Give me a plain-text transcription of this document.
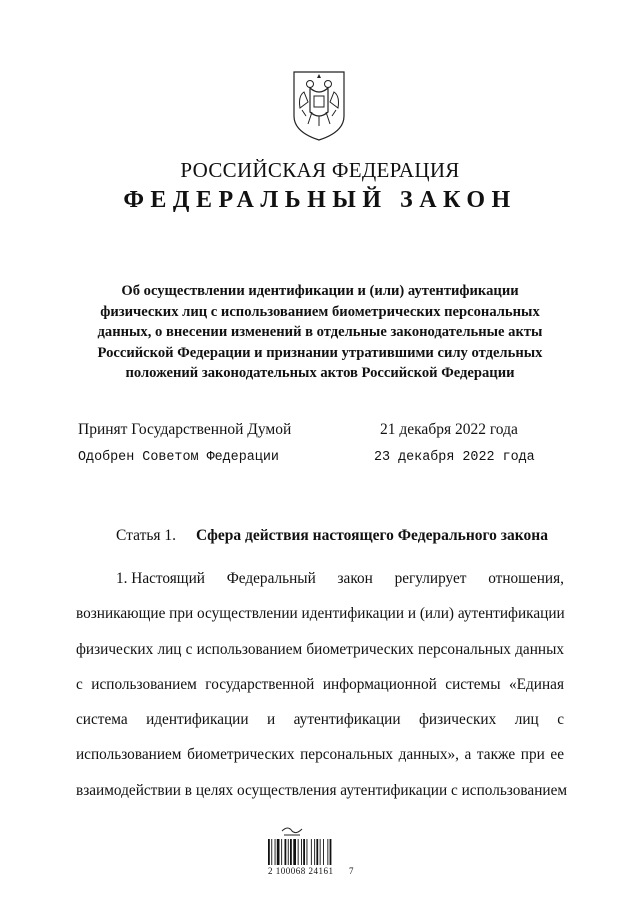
РОССИЙСКАЯ ФЕДЕРАЦИЯ
ФЕДЕРАЛЬНЫЙ ЗАКОН
Об осуществлении идентификации и (или) аутентификации
физических лиц с использованием биометрических персональных
данных, о внесении изменений в отдельные законодательные акты
Российской Федерации и признании утратившими силу отдельных
положений законодательных актов Российской Федерации
Принят Государственной Думой	21 декабря 2022 года
Одобрен Советом Федерации	23 декабря 2022 года
Статья 1. Сфера действия настоящего Федерального закона
1. Настоящий Федеральный закон регулирует отношения,
возникающие при осуществлении идентификации и (или) аутентификации
физических лиц с использованием биометрических персональных данных
с использованием государственной информационной системы «Единая
система идентификации и аутентификации физических лиц с
использованием биометрических персональных данных», а также при ее
взаимодействии в целях осуществления аутентификации с использованием
2 100068 24161 7
